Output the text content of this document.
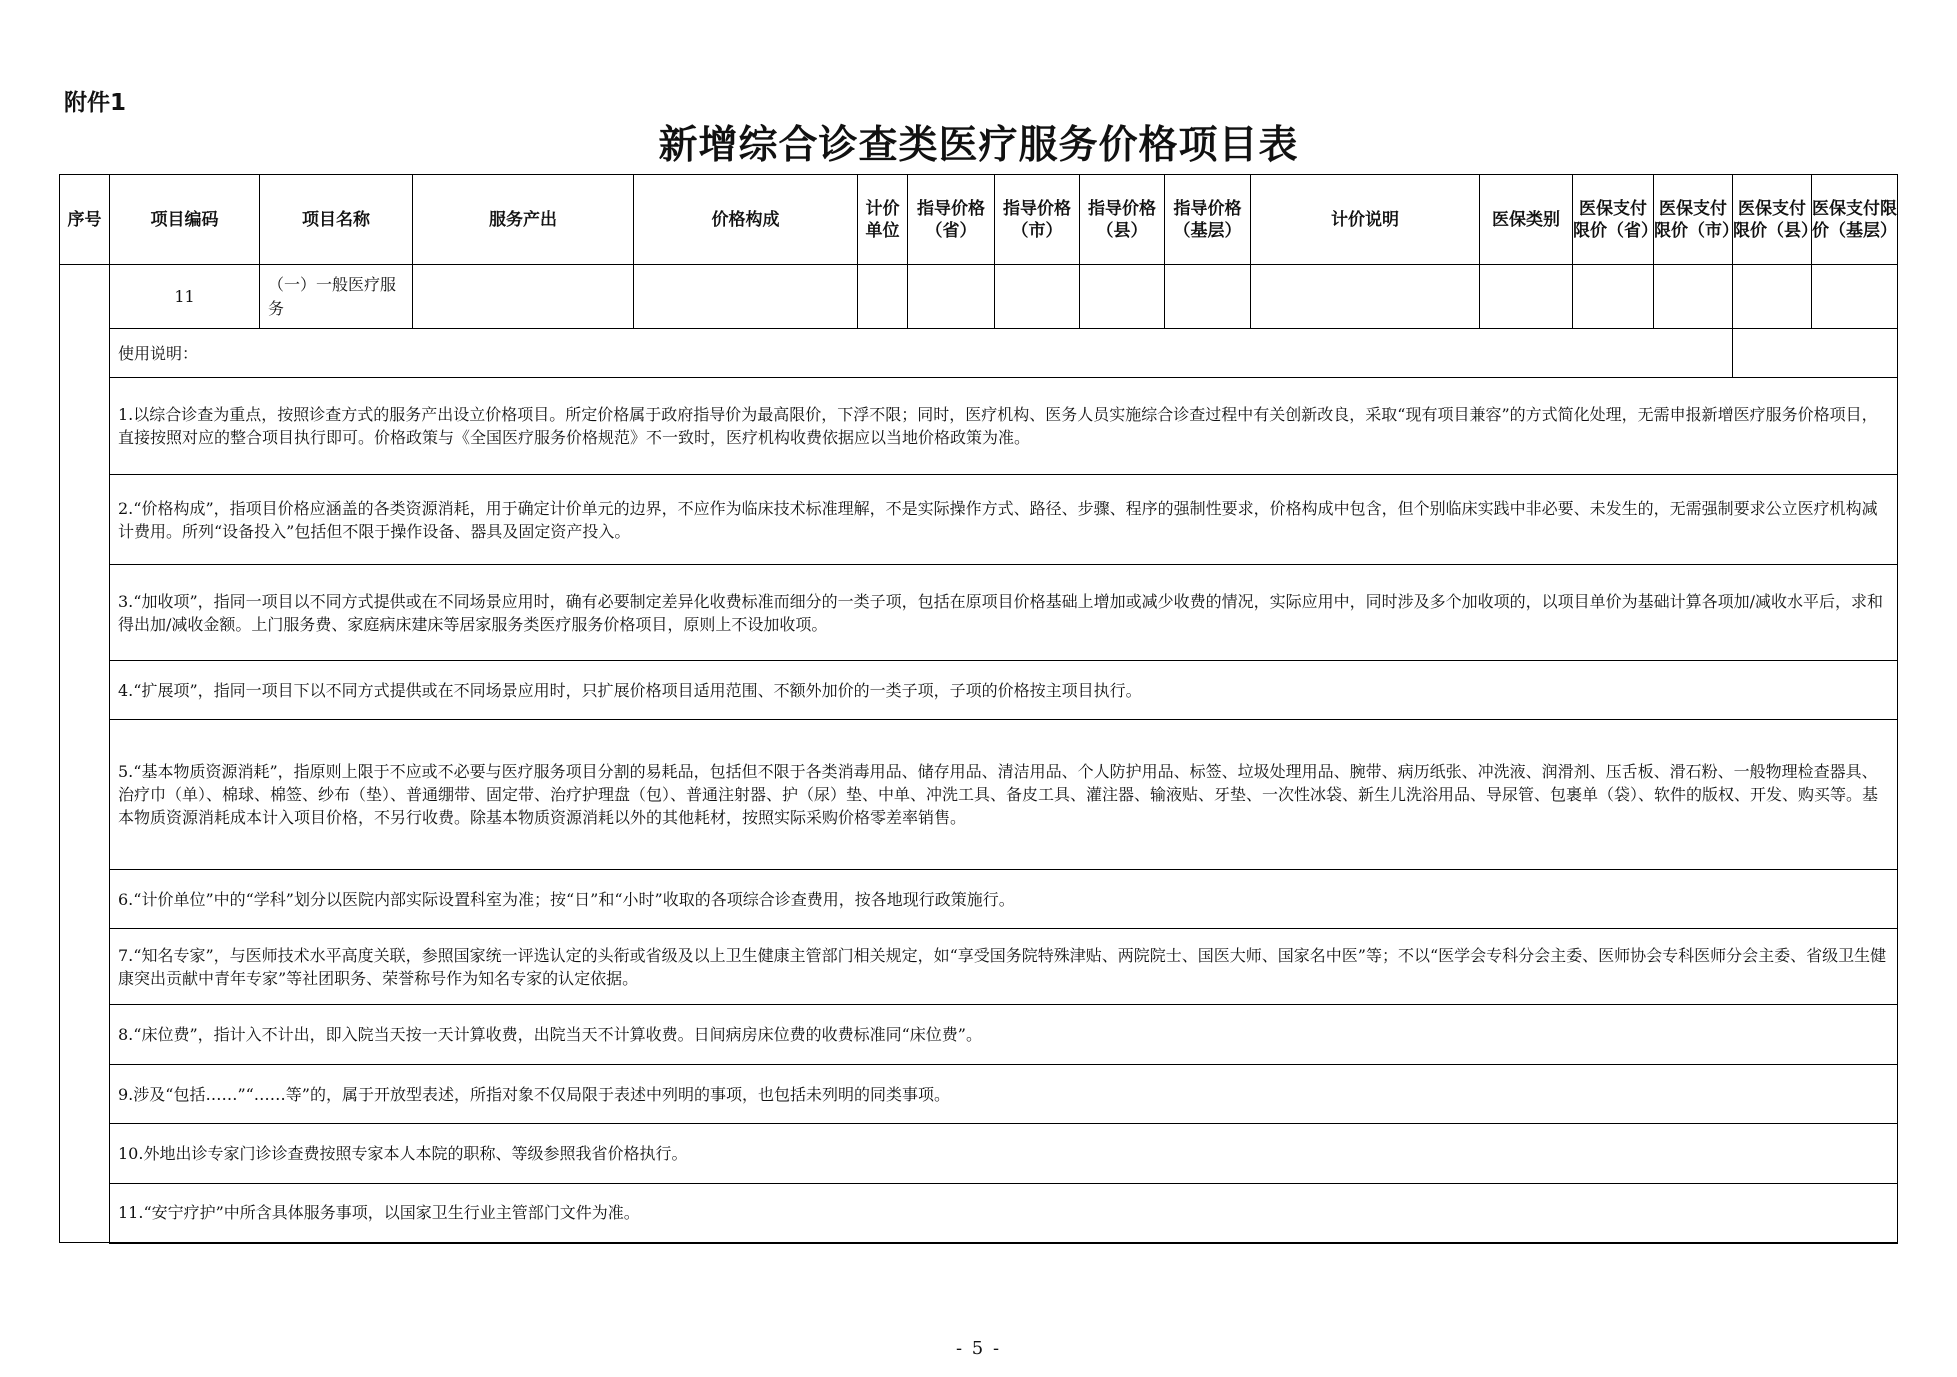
附件1
新增综合诊查类医疗服务价格项目表
序号	项目编码	项目名称	服务产出	价格构成	计价单位	指导价格（省）	指导价格（市）	指导价格（县）	指导价格（基层）	计价说明	医保类别	医保支付限价（省）	医保支付限价（市）	医保支付限价（县）	医保支付限价（基层）
	11	（一）一般医疗服务													
	使用说明：														
	1.以综合诊查为重点，按照诊查方式的服务产出设立价格项目。所定价格属于政府指导价为最高限价，下浮不限；同时，医疗机构、医务人员实施综合诊查过程中有关创新改良，采取“现有项目兼容”的方式简化处理，无需申报新增医疗服务价格项目，直接按照对应的整合项目执行即可。价格政策与《全国医疗服务价格规范》不一致时，医疗机构收费依据应以当地价格政策为准。														
	2.“价格构成”，指项目价格应涵盖的各类资源消耗，用于确定计价单元的边界，不应作为临床技术标准理解，不是实际操作方式、路径、步骤、程序的强制性要求，价格构成中包含，但个别临床实践中非必要、未发生的，无需强制要求公立医疗机构减计费用。所列“设备投入”包括但不限于操作设备、器具及固定资产投入。														
	3.“加收项”，指同一项目以不同方式提供或在不同场景应用时，确有必要制定差异化收费标准而细分的一类子项，包括在原项目价格基础上增加或减少收费的情况，实际应用中，同时涉及多个加收项的，以项目单价为基础计算各项加/减收水平后，求和得出加/减收金额。上门服务费、家庭病床建床等居家服务类医疗服务价格项目，原则上不设加收项。														
	4.“扩展项”，指同一项目下以不同方式提供或在不同场景应用时，只扩展价格项目适用范围、不额外加价的一类子项，子项的价格按主项目执行。														
	5.“基本物质资源消耗”，指原则上限于不应或不必要与医疗服务项目分割的易耗品，包括但不限于各类消毒用品、储存用品、清洁用品、个人防护用品、标签、垃圾处理用品、腕带、病历纸张、冲洗液、润滑剂、压舌板、滑石粉、一般物理检查器具、治疗巾（单）、棉球、棉签、纱布（垫）、普通绷带、固定带、治疗护理盘（包）、普通注射器、护（尿）垫、中单、冲洗工具、备皮工具、灌注器、输液贴、牙垫、一次性冰袋、新生儿洗浴用品、导尿管、包裹单（袋）、软件的版权、开发、购买等。基本物质资源消耗成本计入项目价格，不另行收费。除基本物质资源消耗以外的其他耗材，按照实际采购价格零差率销售。														
	6.“计价单位”中的“学科”划分以医院内部实际设置科室为准；按“日”和“小时”收取的各项综合诊查费用，按各地现行政策施行。														
	7.“知名专家”，与医师技术水平高度关联，参照国家统一评选认定的头衔或省级及以上卫生健康主管部门相关规定，如“享受国务院特殊津贴、两院院士、国医大师、国家名中医”等；不以“医学会专科分会主委、医师协会专科医师分会主委、省级卫生健康突出贡献中青年专家”等社团职务、荣誉称号作为知名专家的认定依据。														
	8.“床位费”，指计入不计出，即入院当天按一天计算收费，出院当天不计算收费。日间病房床位费的收费标准同“床位费”。														
	9.涉及“包括……”“……等”的，属于开放型表述，所指对象不仅局限于表述中列明的事项，也包括未列明的同类事项。														
	10.外地出诊专家门诊诊查费按照专家本人本院的职称、等级参照我省价格执行。														
	11.“安宁疗护”中所含具体服务事项，以国家卫生行业主管部门文件为准。														
- 5 -
